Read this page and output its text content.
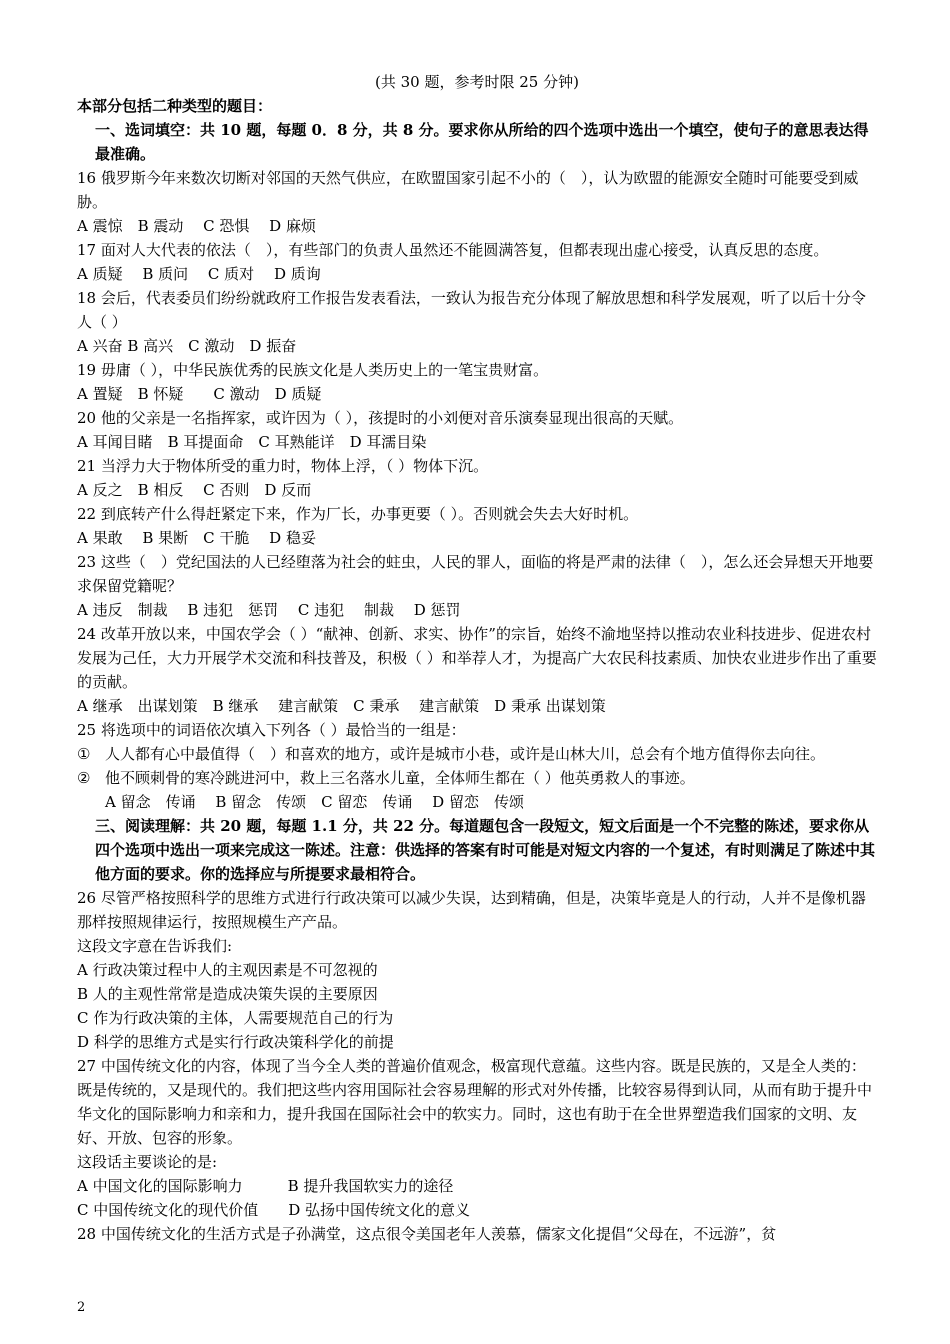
(共 30 题，参考时限 25 分钟)

本部分包括二种类型的题目：

一、选词填空：共 10 题，每题 0．8 分，共 8 分。要求你从所给的四个选项中选出一个填空，使句子的意思表达得最准确。

16 俄罗斯今年来数次切断对邻国的天然气供应，在欧盟国家引起不小的（　），认为欧盟的能源安全随时可能要受到威胁。

A 震惊　B 震动　 C 恐惧　 D 麻烦

17 面对人大代表的依法（　），有些部门的负责人虽然还不能圆满答复，但都表现出虚心接受，认真反思的态度。

A 质疑　 B 质问　 C 质对　 D 质询

18 会后，代表委员们纷纷就政府工作报告发表看法，一致认为报告充分体现了解放思想和科学发展观，听了以后十分令人（ ）

A 兴奋 B 高兴　C 激动　D 振奋

19 毋庸（ ），中华民族优秀的民族文化是人类历史上的一笔宝贵财富。

A 置疑　B 怀疑　　C 激动　D 质疑

20 他的父亲是一名指挥家，或许因为（ ），孩提时的小刘便对音乐演奏显现出很高的天赋。

A 耳闻目睹　B 耳提面命　C 耳熟能详　D 耳濡目染

21 当浮力大于物体所受的重力时，物体上浮，（ ）物体下沉。

A 反之　B 相反　 C 否则　D 反而

22 到底转产什么得赶紧定下来，作为厂长，办事更要（ ）。否则就会失去大好时机。

A 果敢　 B 果断　C 干脆　 D 稳妥

23 这些（　）党纪国法的人已经堕落为社会的蛀虫，人民的罪人，面临的将是严肃的法律（　），怎么还会异想天开地要求保留党籍呢？

A 违反　制裁　 B 违犯　惩罚　 C 违犯　 制裁　 D 惩罚

24 改革开放以来，中国农学会（ ）“献神、创新、求实、协作”的宗旨，始终不渝地坚持以推动农业科技进步、促进农村发展为己任，大力开展学术交流和科技普及，积极（ ）和举荐人才，为提高广大农民科技素质、加快农业进步作出了重要的贡献。

A 继承　出谋划策　B 继承　 建言献策　C 秉承　 建言献策　D 秉承 出谋划策

25 将选项中的词语依次填入下列各（ ）最恰当的一组是：

① 人人都有心中最值得（　）和喜欢的地方，或许是城市小巷，或许是山林大川，总会有个地方值得你去向往。
② 他不顾刺骨的寒冷跳进河中，救上三名落水儿童，全体师生都在（ ）他英勇救人的事迹。

A 留念　传诵　 B 留念　传颂　C 留恋　传诵　 D 留恋　传颂

三、阅读理解：共 20 题，每题 1.1 分，共 22 分。每道题包含一段短文，短文后面是一个不完整的陈述，要求你从四个选项中选出一项来完成这一陈述。注意：供选择的答案有时可能是对短文内容的一个复述，有时则满足了陈述中其他方面的要求。你的选择应与所提要求最相符合。

26 尽管严格按照科学的思维方式进行行政决策可以减少失误，达到精确，但是，决策毕竟是人的行动，人并不是像机器那样按照规律运行，按照规模生产产品。

这段文字意在告诉我们:

A 行政决策过程中人的主观因素是不可忽视的

B 人的主观性常常是造成决策失误的主要原因

C 作为行政决策的主体，人需要规范自己的行为

D 科学的思维方式是实行行政决策科学化的前提

27 中国传统文化的内容，体现了当今全人类的普遍价值观念，极富现代意蕴。这些内容。既是民族的，又是全人类的：既是传统的，又是现代的。我们把这些内容用国际社会容易理解的形式对外传播，比较容易得到认同，从而有助于提升中华文化的国际影响力和亲和力，提升我国在国际社会中的软实力。同时，这也有助于在全世界塑造我们国家的文明、友好、开放、包容的形象。

这段话主要谈论的是:

A 中国文化的国际影响力　　　B 提升我国软实力的途径

C 中国传统文化的现代价值　　D 弘扬中国传统文化的意义

28 中国传统文化的生活方式是子孙满堂，这点很令美国老年人羡慕，儒家文化提倡“父母在，不远游”，贫

2
